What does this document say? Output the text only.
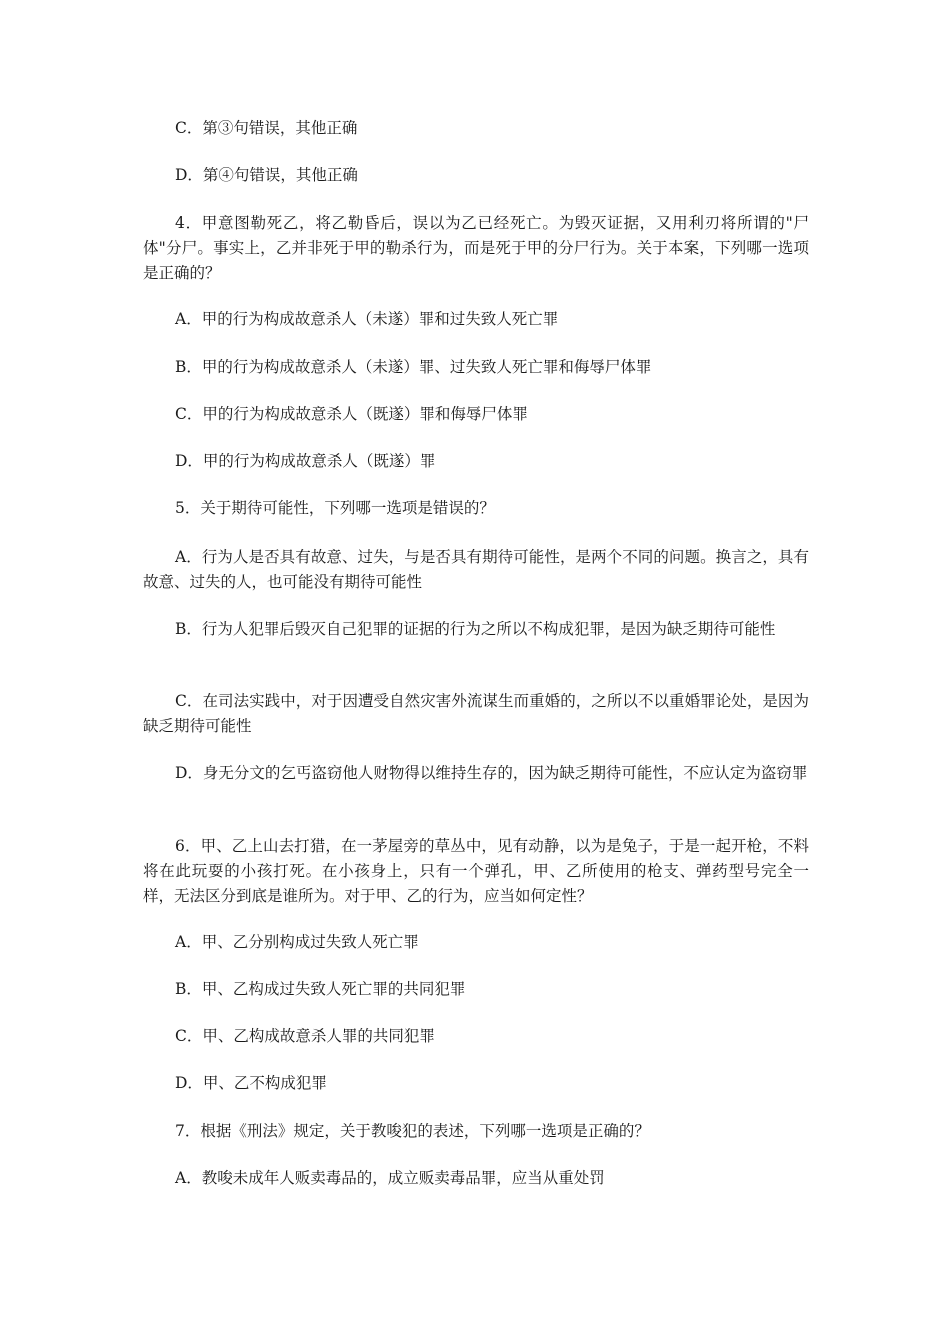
C．第③句错误，其他正确

D．第④句错误，其他正确

4．甲意图勒死乙，将乙勒昏后，误以为乙已经死亡。为毁灭证据，又用利刃将所谓的"尸体"分尸。事实上，乙并非死于甲的勒杀行为，而是死于甲的分尸行为。关于本案，下列哪一选项是正确的？

A．甲的行为构成故意杀人（未遂）罪和过失致人死亡罪

B．甲的行为构成故意杀人（未遂）罪、过失致人死亡罪和侮辱尸体罪

C．甲的行为构成故意杀人（既遂）罪和侮辱尸体罪

D．甲的行为构成故意杀人（既遂）罪

5．关于期待可能性，下列哪一选项是错误的？

A．行为人是否具有故意、过失，与是否具有期待可能性，是两个不同的问题。换言之，具有故意、过失的人，也可能没有期待可能性

B．行为人犯罪后毁灭自己犯罪的证据的行为之所以不构成犯罪，是因为缺乏期待可能性

C．在司法实践中，对于因遭受自然灾害外流谋生而重婚的，之所以不以重婚罪论处，是因为缺乏期待可能性

D．身无分文的乞丐盗窃他人财物得以维持生存的，因为缺乏期待可能性，不应认定为盗窃罪

6．甲、乙上山去打猎，在一茅屋旁的草丛中，见有动静，以为是兔子，于是一起开枪，不料将在此玩耍的小孩打死。在小孩身上，只有一个弹孔，甲、乙所使用的枪支、弹药型号完全一样，无法区分到底是谁所为。对于甲、乙的行为，应当如何定性？

A．甲、乙分别构成过失致人死亡罪

B．甲、乙构成过失致人死亡罪的共同犯罪

C．甲、乙构成故意杀人罪的共同犯罪

D．甲、乙不构成犯罪

7．根据《刑法》规定，关于教唆犯的表述，下列哪一选项是正确的？

A．教唆未成年人贩卖毒品的，成立贩卖毒品罪，应当从重处罚
